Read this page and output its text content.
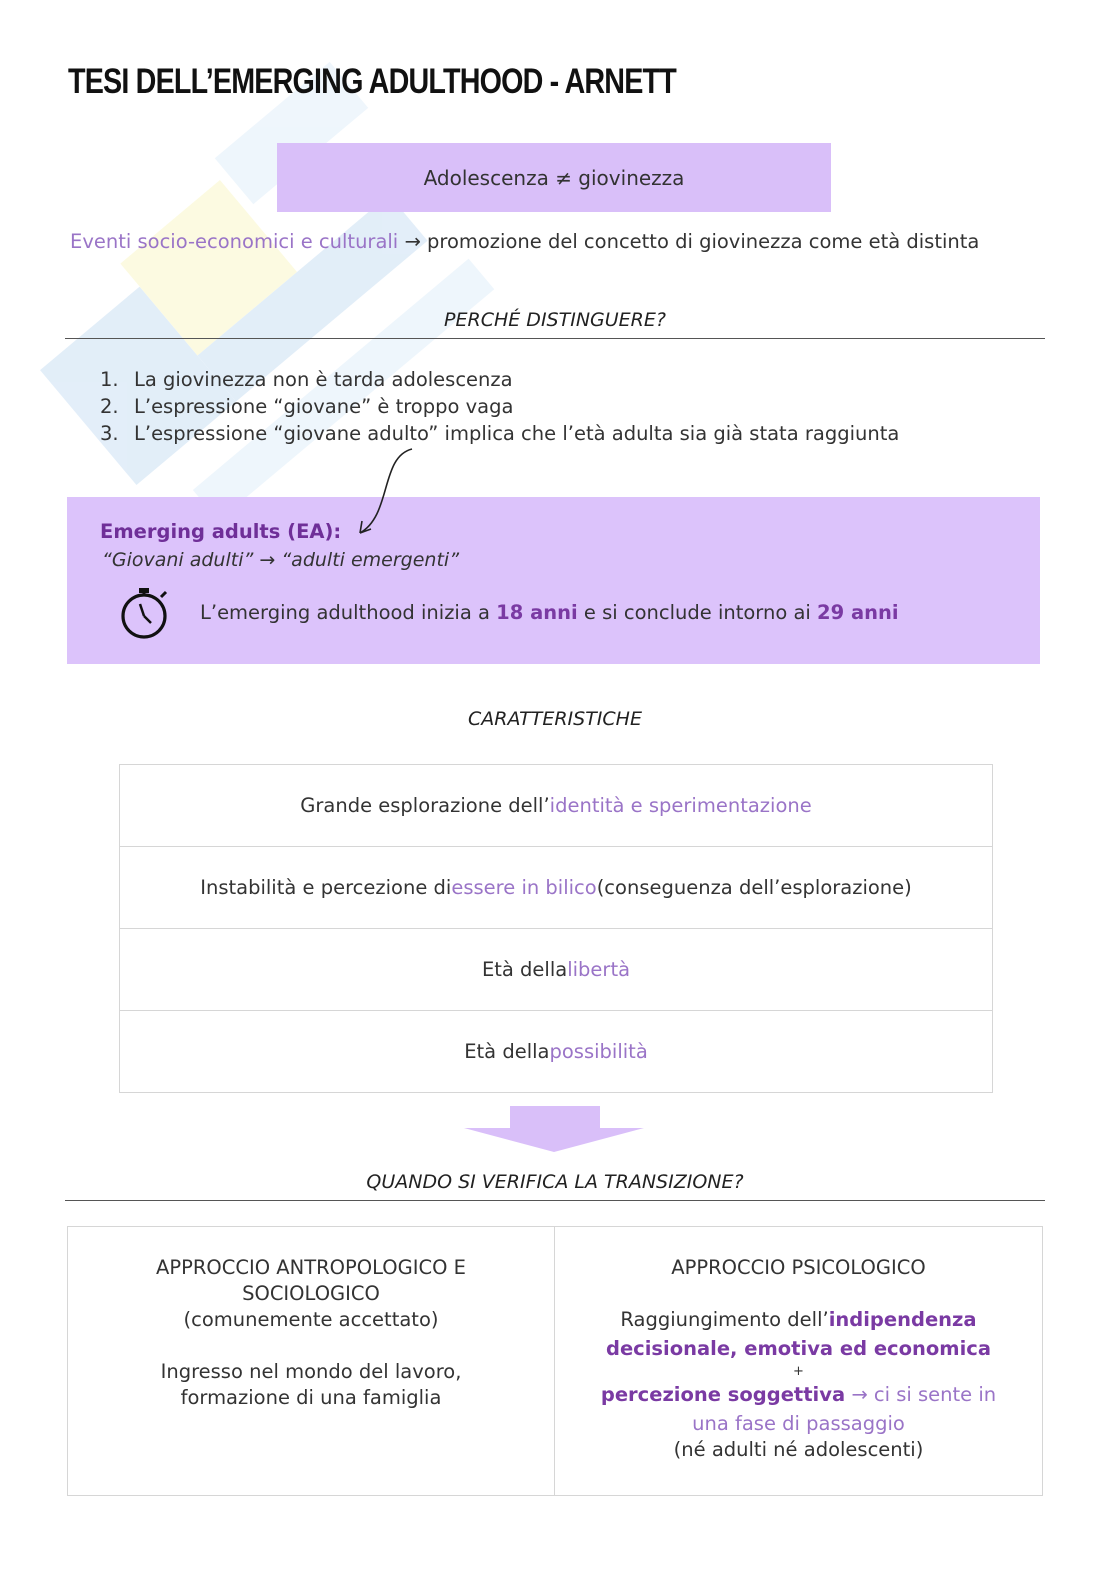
TESI DELL’EMERGING ADULTHOOD - ARNETT
Adolescenza ≠ giovinezza
Eventi socio-economici e culturali → promozione del concetto di giovinezza come età distinta
PERCHÉ DISTINGUERE?
1. La giovinezza non è tarda adolescenza
2. L’espressione “giovane” è troppo vaga
3. L’espressione “giovane adulto” implica che l’età adulta sia già stata raggiunta
Emerging adults (EA):
“Giovani adulti” → “adulti emergenti”
L’emerging adulthood inizia a 18 anni e si conclude intorno ai 29 anni
CARATTERISTICHE
Grande esplorazione dell’ identità e sperimentazione
Instabilità e percezione di essere in bilico (conseguenza dell’esplorazione)
Età della libertà
Età della possibilità
QUANDO SI VERIFICA LA TRANSIZIONE?

APPROCCIO ANTROPOLOGICO E

SOCIOLOGICO

(comunemente accettato)

Ingresso nel mondo del lavoro,

formazione di una famiglia

APPROCCIO PSICOLOGICO

Raggiungimento dell’indipendenza

decisionale, emotiva ed economica

+

percezione soggettiva → ci si sente in

una fase di passaggio

(né adulti né adolescenti)
